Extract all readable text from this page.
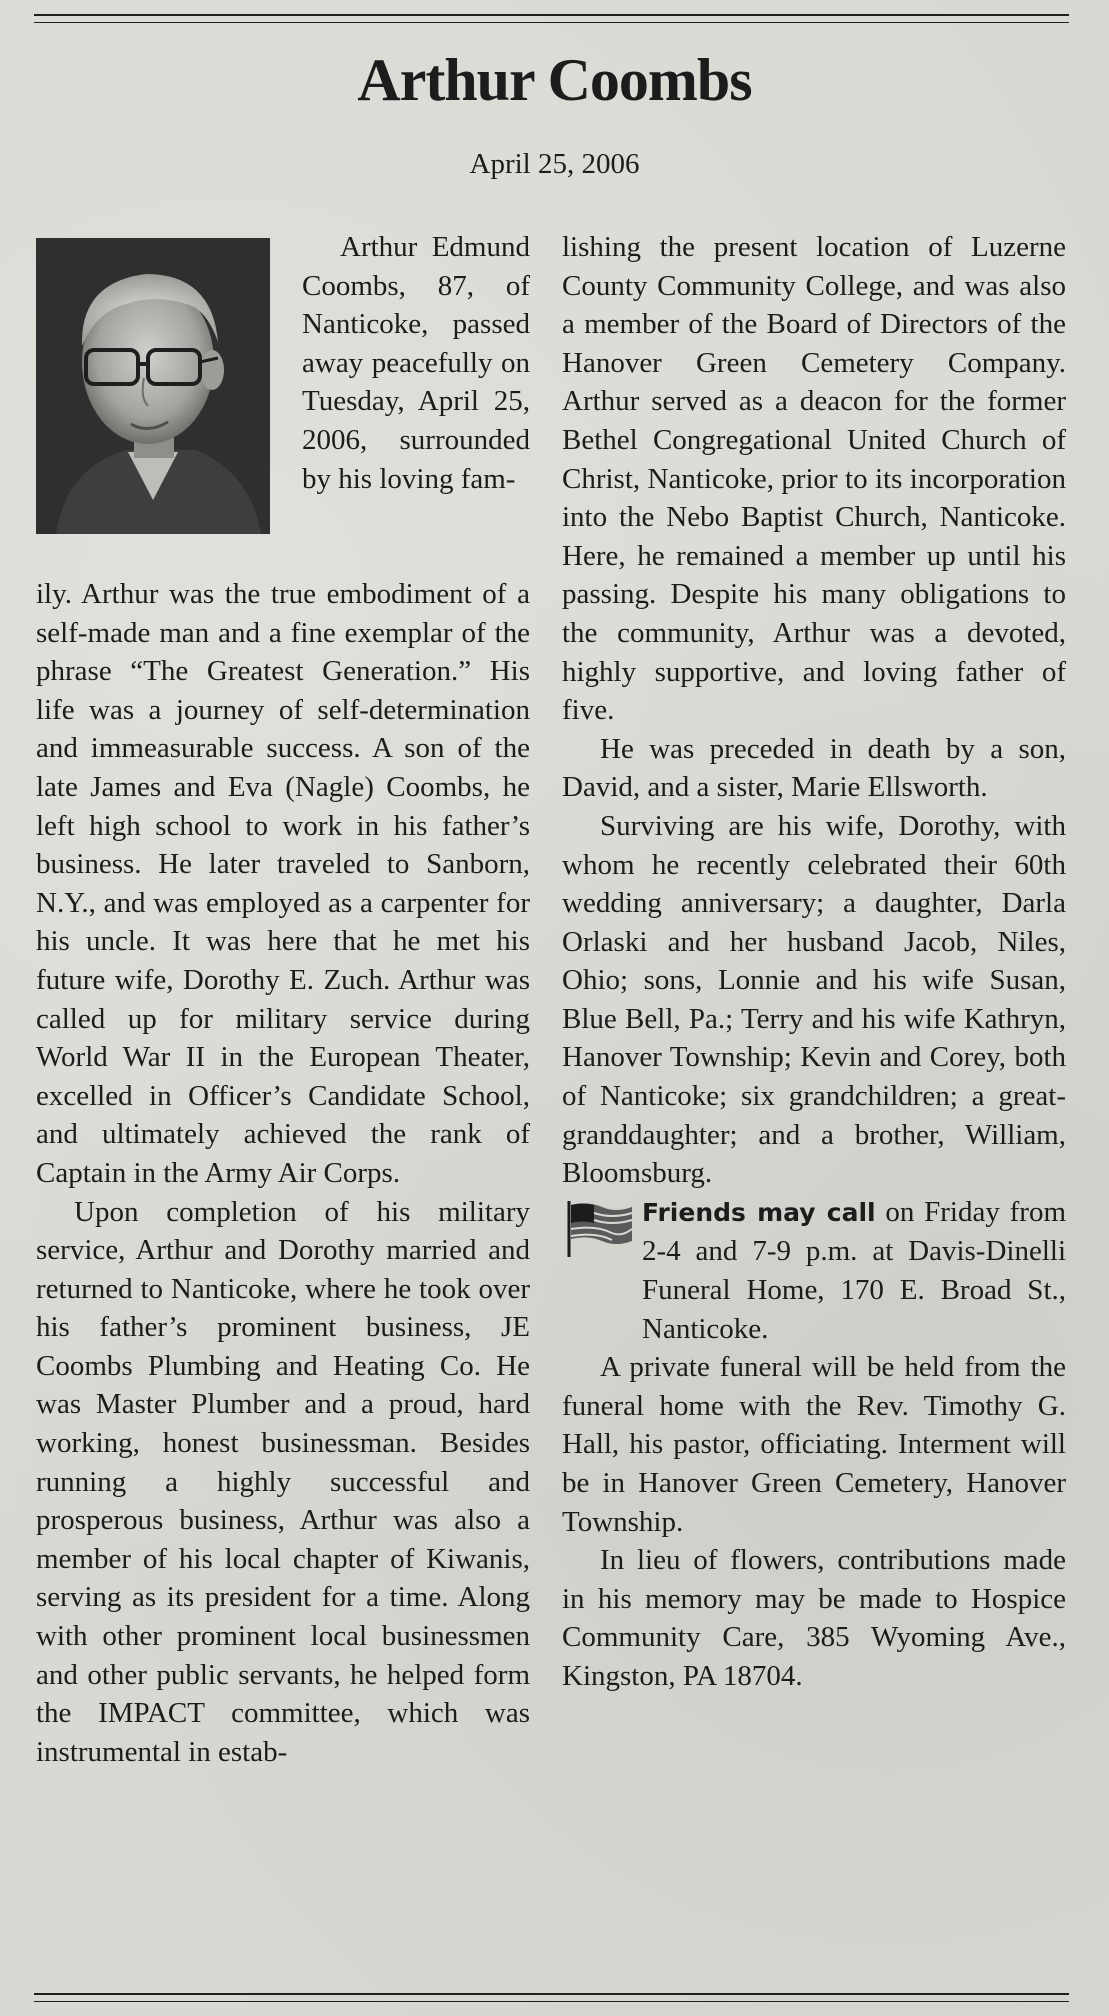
Arthur Coombs
April 25, 2006

Arthur Edmund Coombs, 87, of Nanticoke, passed away peacefully on Tuesday, April 25, 2006, surrounded by his loving fam-

ily. Arthur was the true embodiment of a self-made man and a fine exemplar of the phrase “The Greatest Generation.” His life was a journey of self-determination and immeasurable success. A son of the late James and Eva (Nagle) Coombs, he left high school to work in his father’s business. He later traveled to Sanborn, N.Y., and was employed as a carpenter for his uncle. It was here that he met his future wife, Dorothy E. Zuch. Arthur was called up for military service during World War II in the European Theater, excelled in Officer’s Candidate School, and ultimately achieved the rank of Captain in the Army Air Corps.

Upon completion of his military service, Arthur and Dorothy married and returned to Nanticoke, where he took over his father’s prominent business, JE Coombs Plumbing and Heating Co. He was Master Plumber and a proud, hard working, honest businessman. Besides running a highly successful and prosperous business, Arthur was also a member of his local chapter of Kiwanis, serving as its president for a time. Along with other prominent local businessmen and other public servants, he helped form the IMPACT committee, which was instrumental in estab-

lishing the present location of Luzerne County Community College, and was also a member of the Board of Directors of the Hanover Green Cemetery Company. Arthur served as a deacon for the former Bethel Congregational United Church of Christ, Nanticoke, prior to its incorporation into the Nebo Baptist Church, Nanticoke. Here, he remained a member up until his passing. Despite his many obligations to the community, Arthur was a devoted, highly supportive, and loving father of five.

He was preceded in death by a son, David, and a sister, Marie Ellsworth.

Surviving are his wife, Dorothy, with whom he recently celebrated their 60th wedding anniversary; a daughter, Darla Orlaski and her husband Jacob, Niles, Ohio; sons, Lonnie and his wife Susan, Blue Bell, Pa.; Terry and his wife Kathryn, Hanover Township; Kevin and Corey, both of Nanticoke; six grandchildren; a great-granddaughter; and a brother, William, Bloomsburg.

Friends may call on Friday from 2-4 and 7-9 p.m. at Davis-Dinelli Funeral Home, 170 E. Broad St., Nanticoke.

A private funeral will be held from the funeral home with the Rev. Timothy G. Hall, his pastor, officiating. Interment will be in Hanover Green Cemetery, Hanover Township.

In lieu of flowers, contributions made in his memory may be made to Hospice Community Care, 385 Wyoming Ave., Kingston, PA 18704.
